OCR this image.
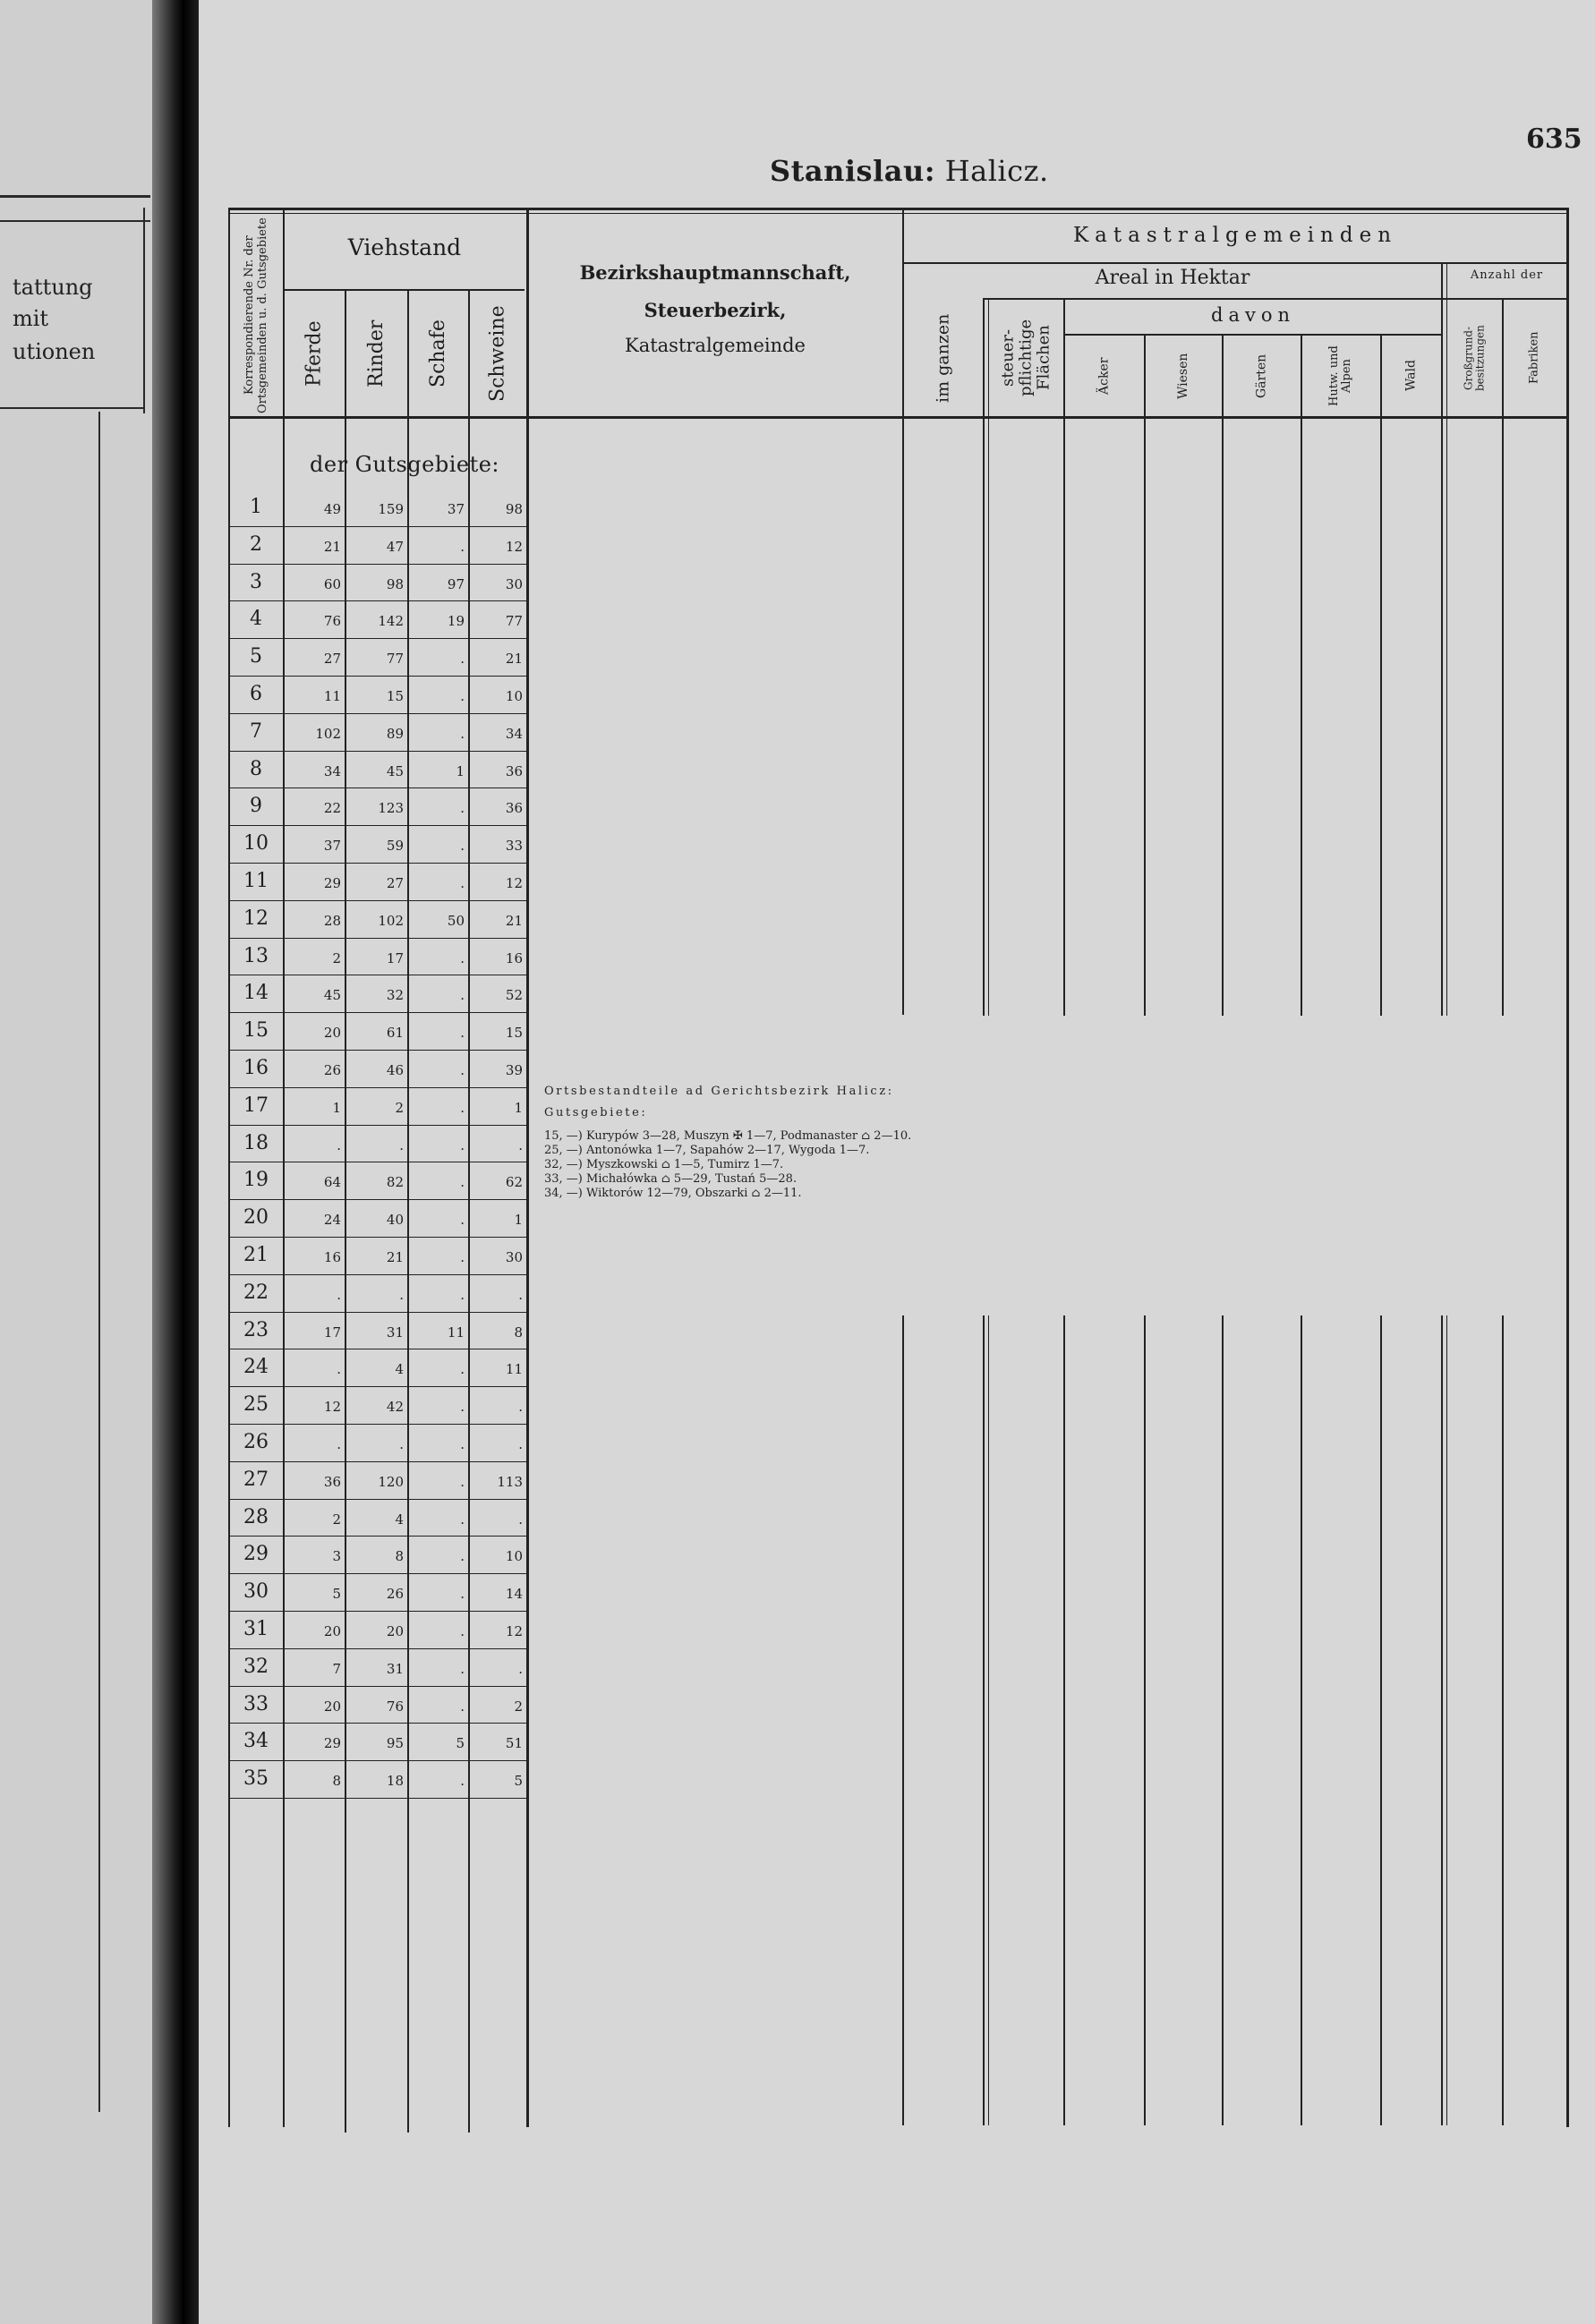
tattung
mit
utionen
635
Stanislau: Halicz.
Korrespondierende Nr. der Ortsgemeinden u. d. Gutsgebiete	Viehstand
Pferde	Rinder	Schafe	Schweine
Bezirkshauptmannschaft,
Steuerbezirk,
Katastralgemeinde
Katastralgemeinden
Areal in Hektar	Anzahl der
davon
im ganzen	steuer-pflichtige Flächen	Äcker	Wiesen	Gärten	Hutw. und Alpen	Wald	Großgrund-besitzungen	Fabriken
der Gutsgebiete:
1	49	159	37	98
2	21	47	.	12
3	60	98	97	30
4	76	142	19	77
5	27	77	.	21
6	11	15	.	10
7	102	89	.	34
8	34	45	1	36
9	22	123	.	36
10	37	59	.	33
11	29	27	.	12
12	28	102	50	21
13	2	17	.	16
14	45	32	.	52
15	20	61	.	15
16	26	46	.	39
17	1	2	.	1
18	.	.	.	.
19	64	82	.	62
20	24	40	.	1
21	16	21	.	30
22	.	.	.	.
23	17	31	11	8
24	.	4	.	11
25	12	42	.	.
26	.	.	.	.
27	36	120	.	113
28	2	4	.	.
29	3	8	.	10
30	5	26	.	14
31	20	20	.	12
32	7	31	.	.
33	20	76	.	2
34	29	95	5	51
35	8	18	.	5
Ortsbestandteile ad Gerichtsbezirk Halicz:
Gutsgebiete:
15, —) Kurypów 3—28, Muszyn ✠ 1—7, Podmanaster ⌂ 2—10.
25, —) Antonówka 1—7, Sapahów 2—17, Wygoda 1—7.
32, —) Myszkowski ⌂ 1—5, Tumirz 1—7.
33, —) Michałówka ⌂ 5—29, Tustań 5—28.
34, —) Wiktorów 12—79, Obszarki ⌂ 2—11.
